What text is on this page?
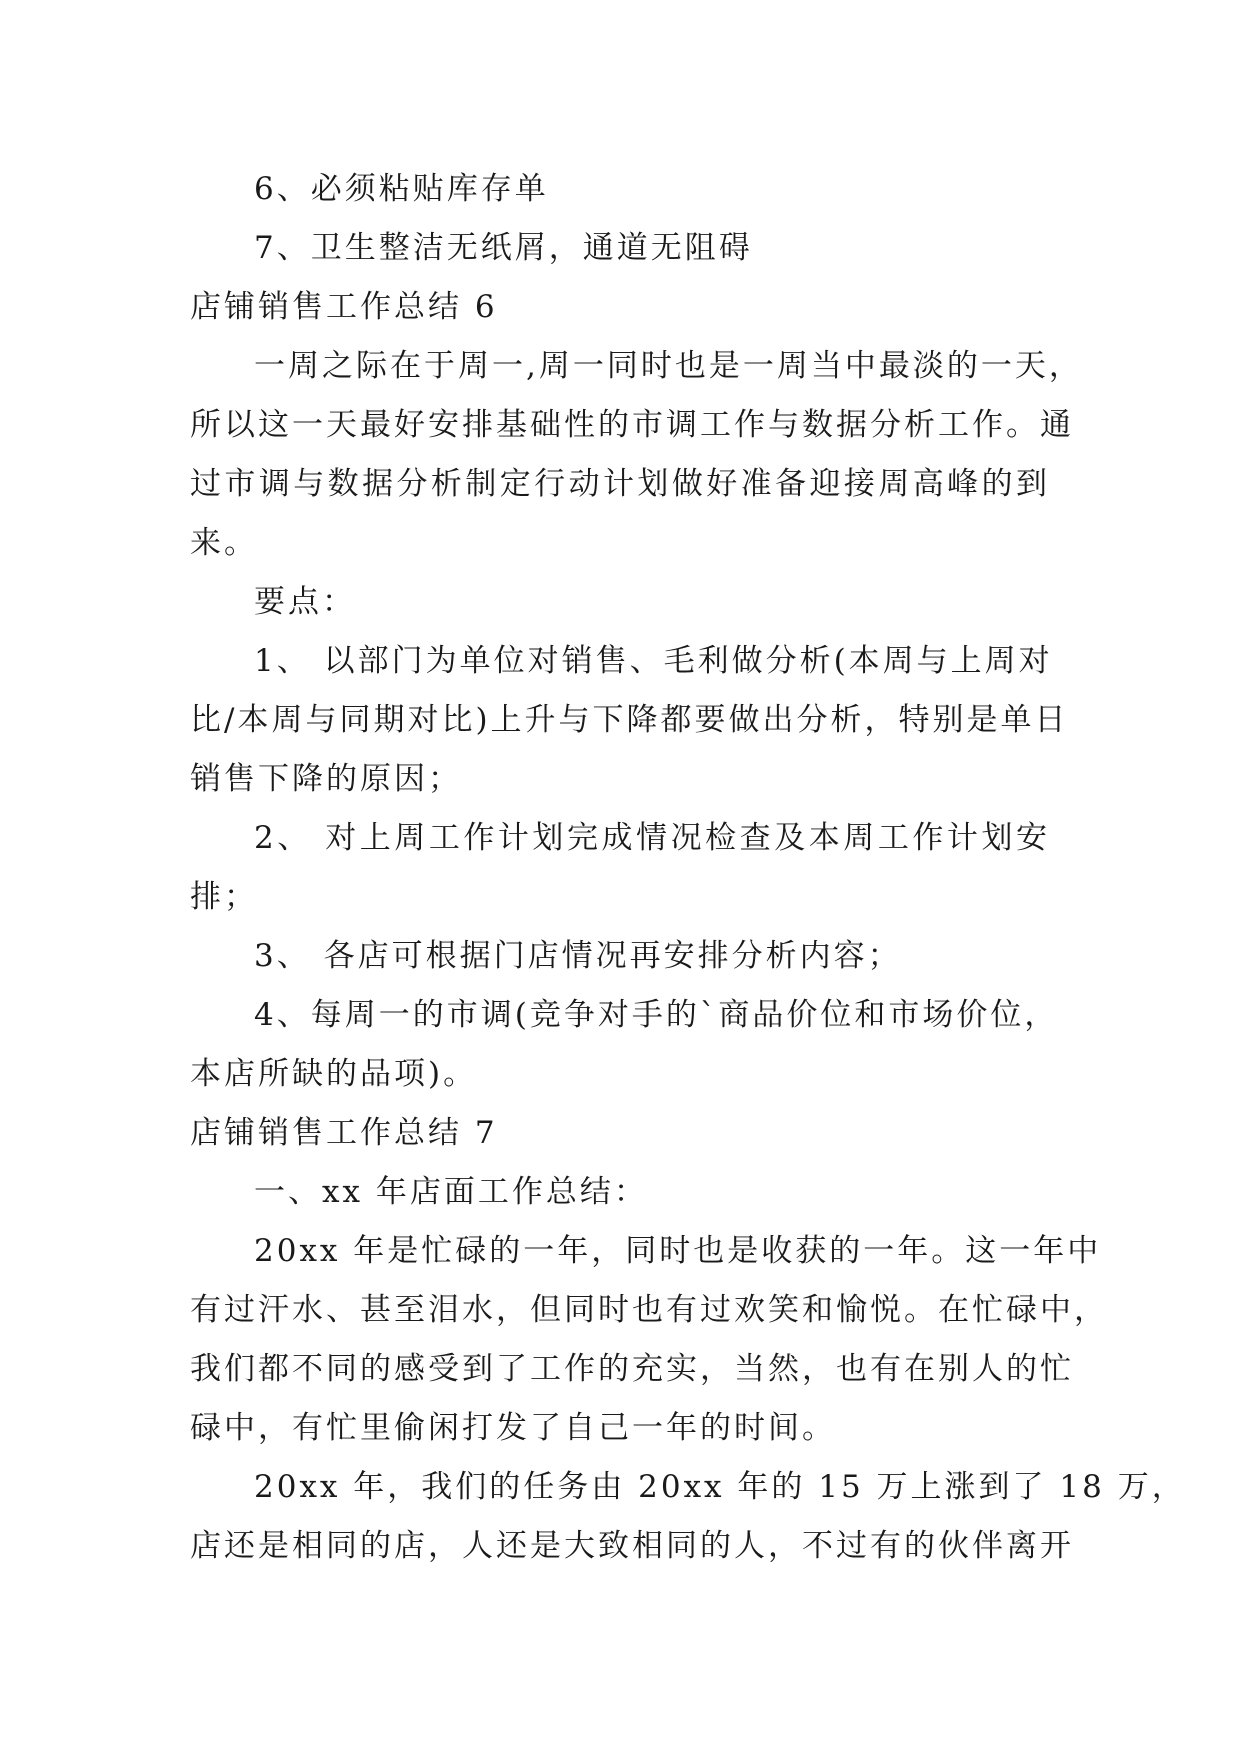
6、必须粘贴库存单
7、卫生整洁无纸屑，通道无阻碍
店铺销售工作总结 6
一周之际在于周一,周一同时也是一周当中最淡的一天，
所以这一天最好安排基础性的市调工作与数据分析工作。通
过市调与数据分析制定行动计划做好准备迎接周高峰的到
来。
要点：
1、 以部门为单位对销售、毛利做分析(本周与上周对
比/本周与同期对比)上升与下降都要做出分析，特别是单日
销售下降的原因；
2、 对上周工作计划完成情况检查及本周工作计划安
排；
3、 各店可根据门店情况再安排分析内容；
4、每周一的市调(竞争对手的`商品价位和市场价位，
本店所缺的品项)。
店铺销售工作总结 7
一、xx 年店面工作总结：
20xx 年是忙碌的一年，同时也是收获的一年。这一年中
有过汗水、甚至泪水，但同时也有过欢笑和愉悦。在忙碌中，
我们都不同的感受到了工作的充实，当然，也有在别人的忙
碌中，有忙里偷闲打发了自己一年的时间。
20xx 年，我们的任务由 20xx 年的 15 万上涨到了 18 万，
店还是相同的店，人还是大致相同的人，不过有的伙伴离开
